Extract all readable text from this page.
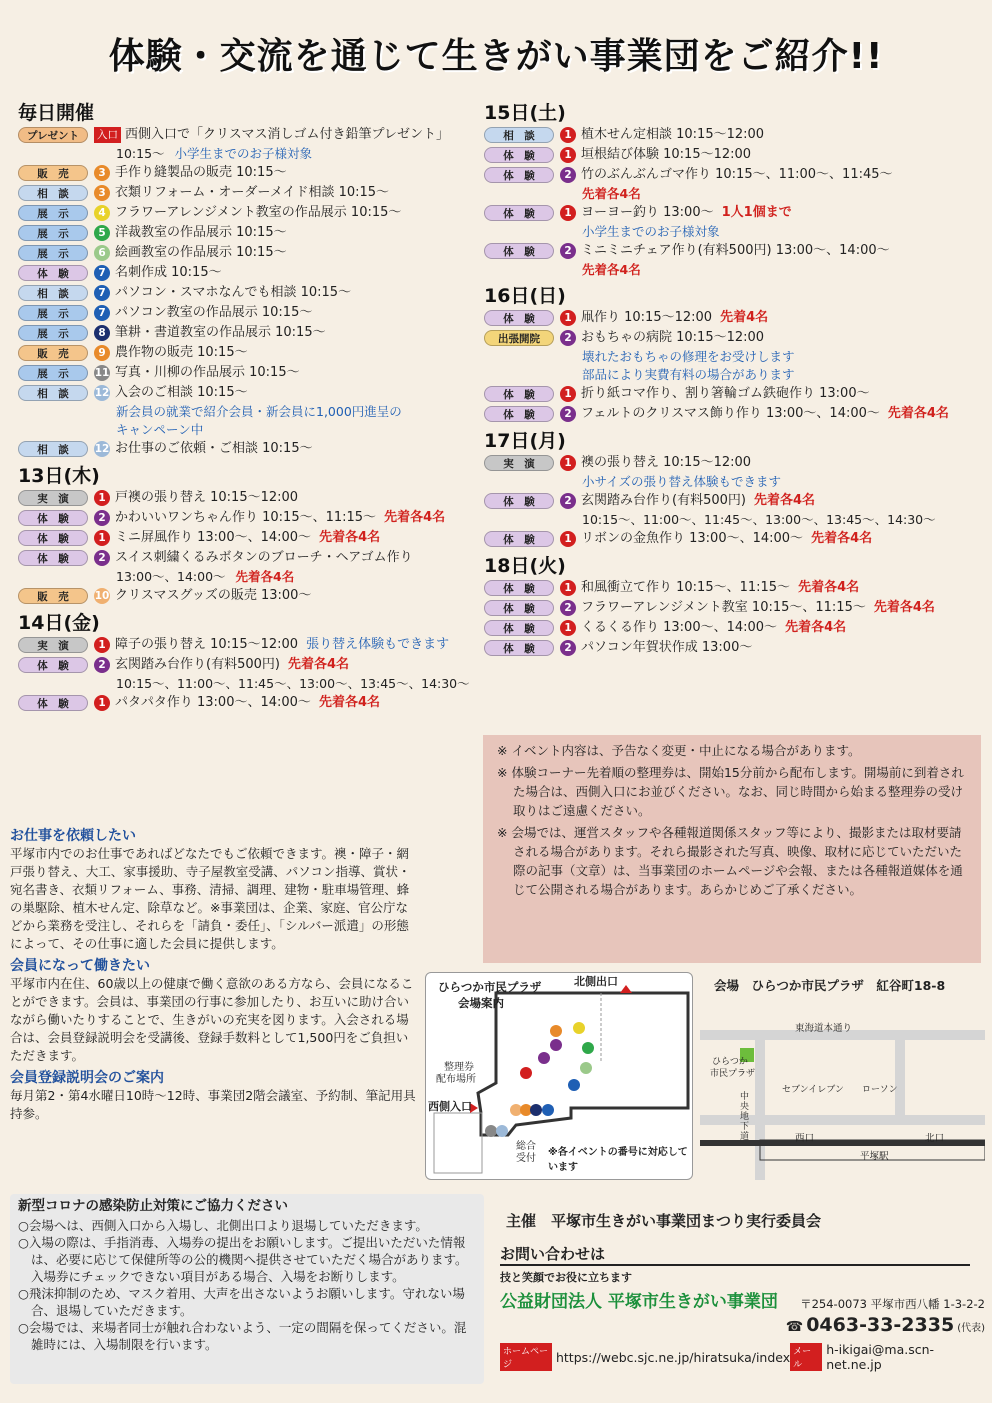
体験・交流を通じて生きがい事業団をご紹介!!
毎日開催
プレゼント	入口 西側入口で「クリスマス消しゴム付き鉛筆プレゼント」
10:15～ 小学生までのお子様対象
販　売	3 手作り縫製品の販売 10:15～
相　談	3 衣類リフォーム・オーダーメイド相談 10:15～
展　示	4 フラワーアレンジメント教室の作品展示 10:15～
展　示	5 洋裁教室の作品展示 10:15～
展　示	6 絵画教室の作品展示 10:15～
体　験	7 名刺作成 10:15～
相　談	7 パソコン・スマホなんでも相談 10:15～
展　示	7 パソコン教室の作品展示 10:15～
展　示	8 筆耕・書道教室の作品展示 10:15～
販　売	9 農作物の販売 10:15～
展　示	11 写真・川柳の作品展示 10:15～
相　談	12 入会のご相談 10:15～
新会員の就業で紹介会員・新会員に1,000円進呈の
キャンペーン中
相　談	12 お仕事のご依頼・ご相談 10:15～
13日(木)
実　演	1 戸襖の張り替え 10:15～12:00
体　験	2 かわいいワンちゃん作り 10:15～、11:15～ 先着各4名
体　験	1 ミニ屏風作り 13:00～、14:00～ 先着各4名
体　験	2 スイス刺繍くるみボタンのブローチ・ヘアゴム作り
13:00～、14:00～ 先着各4名
販　売	10 クリスマスグッズの販売 13:00～
14日(金)
実　演	1 障子の張り替え 10:15～12:00 張り替え体験もできます
体　験	2 玄関踏み台作り(有料500円) 先着各4名
10:15～、11:00～、11:45～、13:00～、13:45～、14:30～
体　験	1 パタパタ作り 13:00～、14:00～ 先着各4名
15日(土)
相　談	1 植木せん定相談 10:15～12:00
体　験	1 垣根結び体験 10:15～12:00
体　験	2 竹のぶんぶんゴマ作り 10:15～、11:00～、11:45～
先着各4名
体　験	1 ヨーヨー釣り 13:00～ 1人1個まで
小学生までのお子様対象
体　験	2 ミニミニチェア作り(有料500円) 13:00～、14:00～
先着各4名
16日(日)
体　験	1 凧作り 10:15～12:00 先着4名
出張開院	2 おもちゃの病院 10:15～12:00
壊れたおもちゃの修理をお受けします
部品により実費有料の場合があります
体　験	1 折り紙コマ作り、割り箸輪ゴム鉄砲作り 13:00～
体　験	2 フェルトのクリスマス飾り作り 13:00～、14:00～ 先着各4名
17日(月)
実　演	1 襖の張り替え 10:15～12:00
小サイズの張り替え体験もできます
体　験	2 玄関踏み台作り(有料500円) 先着各4名
10:15～、11:00～、11:45～、13:00～、13:45～、14:30～
体　験	1 リボンの金魚作り 13:00～、14:00～ 先着各4名
18日(火)
体　験	1 和風衝立て作り 10:15～、11:15～ 先着各4名
体　験	2 フラワーアレンジメント教室 10:15～、11:15～ 先着各4名
体　験	1 くるくる作り 13:00～、14:00～ 先着各4名
体　験	2 パソコン年賀状作成 13:00～

※ イベント内容は、予告なく変更・中止になる場合があります。

※ 体験コーナー先着順の整理券は、開始15分前から配布します。開場前に到着された場合は、西側入口にお並びください。なお、同じ時間から始まる整理券の受け取りはご遠慮ください。

※ 会場では、運営スタッフや各種報道関係スタッフ等により、撮影または取材要請される場合があります。それら撮影された写真、映像、取材に応じていただいた際の記事（文章）は、当事業団のホームページや会報、または各種報道媒体を通じて公開される場合があります。あらかじめご了承ください。

お仕事を依頼したい
平塚市内でのお仕事であればどなたでもご依頼できます。襖・障子・網戸張り替え、大工、家事援助、寺子屋教室受講、パソコン指導、賞状・宛名書き、衣類リフォーム、事務、清掃、調理、建物・駐車場管理、蜂の巣駆除、植木せん定、除草など。※事業団は、企業、家庭、官公庁などから業務を受注し、それらを「請負・委任」、「シルバー派遣」の形態によって、その仕事に適した会員に提供します。
会員になって働きたい
平塚市内在住、60歳以上の健康で働く意欲のある方なら、会員になることができます。会員は、事業団の行事に参加したり、お互いに助け合いながら働いたりすることで、生きがいの充実を図ります。入会される場合は、会員登録説明会を受講後、登録手数料として1,500円をご負担いただきます。
会員登録説明会のご案内
毎月第2・第4水曜日10時～12時、事業団2階会議室、予約制、筆記用具持参。
ひらつか市民プラザ
会場案内
北側出口
整理券
配布場所
西側入口
総合
受付
※各イベントの番号に対応しています
会場　ひらつか市民プラザ　紅谷町18-8
東海道本通り
ひらつか
市民プラザ
セブンイレブン ローソン
中央地下道	西口	北口
平塚駅
新型コロナの感染防止対策にご協力ください

○会場へは、西側入口から入場し、北側出口より退場していただきます。

○入場の際は、手指消毒、入場券の提出をお願いします。ご提出いただいた情報は、必要に応じて保健所等の公的機関へ提供させていただく場合があります。入場券にチェックできない項目がある場合、入場をお断りします。

○飛沫抑制のため、マスク着用、大声を出さないようお願いします。守れない場合、退場していただきます。

○会場では、来場者同士が触れ合わないよう、一定の間隔を保ってください。混雑時には、入場制限を行います。

主催　平塚市生きがい事業団まつり実行委員会
お問い合わせは
技と笑顔でお役に立ちます
公益財団法人 平塚市生きがい事業団 〒254-0073 平塚市西八幡 1-3-2-2
☎ 0463-33-2335 (代表)
ホームページ
https://webc.sjc.ne.jp/hiratsuka/index メール
h-ikigai@ma.scn-net.ne.jp
